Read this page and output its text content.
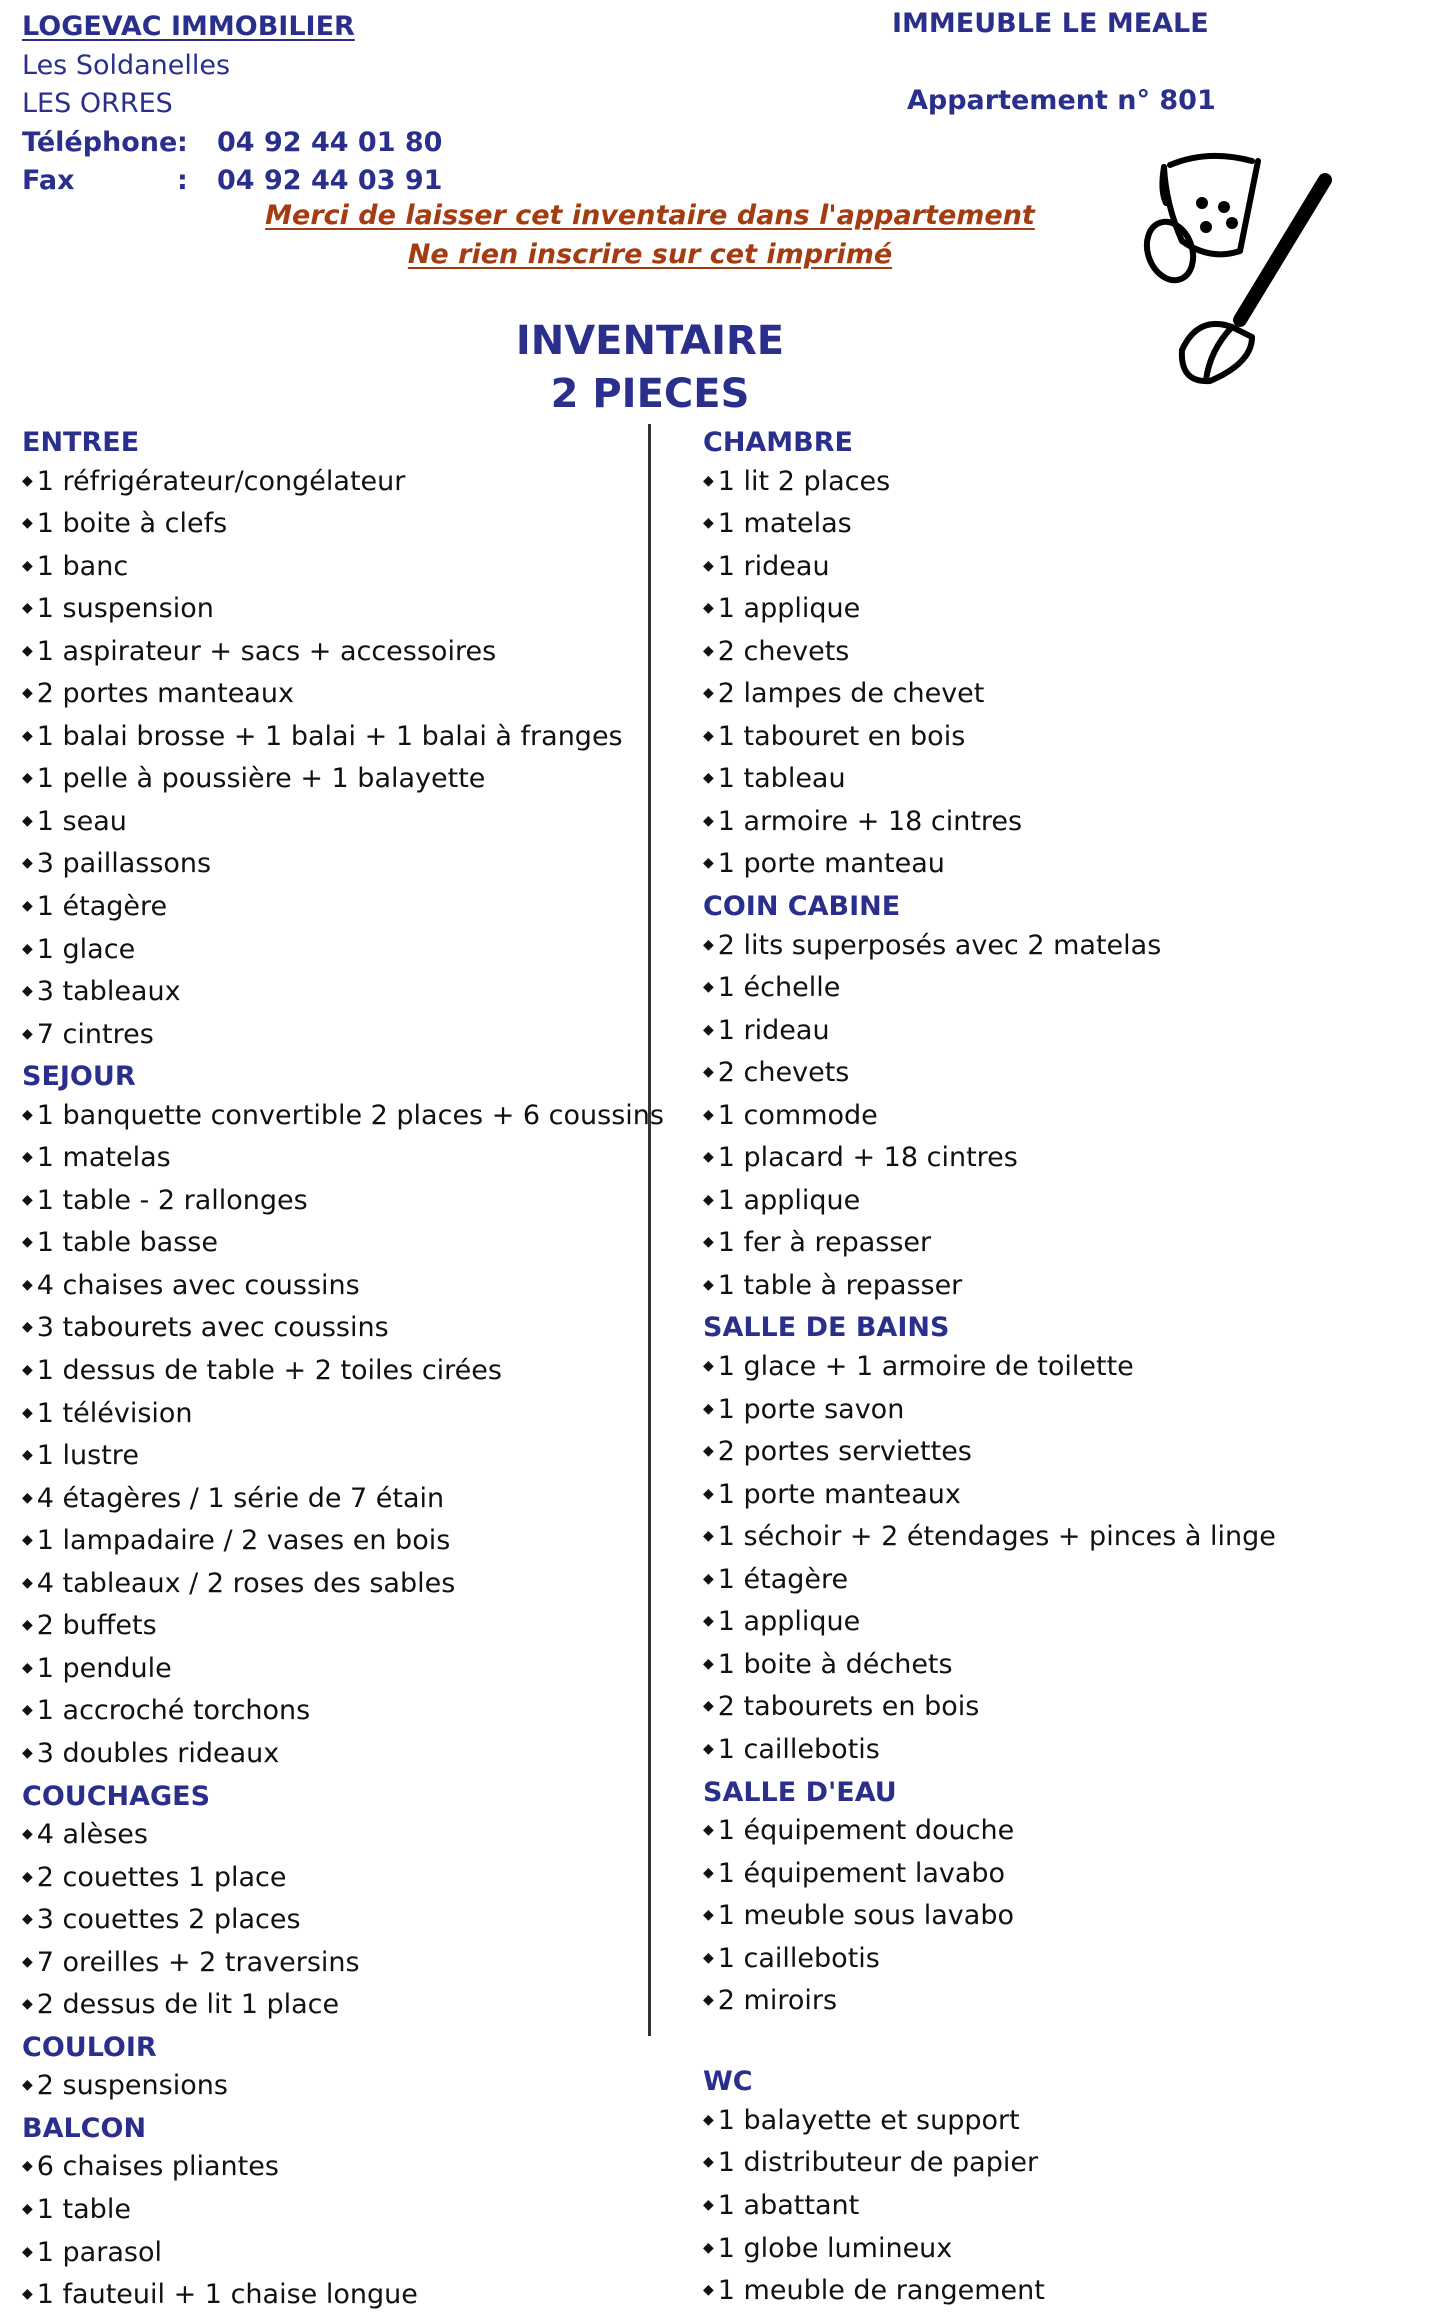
LOGEVAC IMMOBILIER
Les Soldanelles
LES ORRES
Téléphone: 04 92 44 01 80
Fax	: 04 92 44 03 91
IMMEUBLE LE MEALE
Appartement n° 801
Merci de laisser cet inventaire dans l'appartement
Ne rien inscrire sur cet imprimé
INVENTAIRE
2 PIECES
ENTREE
◆ 1 réfrigérateur/congélateur
◆ 1 boite à clefs
◆ 1 banc
◆ 1 suspension
◆ 1 aspirateur + sacs + accessoires
◆ 2 portes manteaux
◆ 1 balai brosse + 1 balai + 1 balai à franges
◆ 1 pelle à poussière + 1 balayette
◆ 1 seau
◆ 3 paillassons
◆ 1 étagère
◆ 1 glace
◆ 3 tableaux
◆ 7 cintres
SEJOUR
◆ 1 banquette convertible 2 places + 6 coussins
◆ 1 matelas
◆ 1 table - 2 rallonges
◆ 1 table basse
◆ 4 chaises avec coussins
◆ 3 tabourets avec coussins
◆ 1 dessus de table + 2 toiles cirées
◆ 1 télévision
◆ 1 lustre
◆ 4 étagères / 1 série de 7 étain
◆ 1 lampadaire / 2 vases en bois
◆ 4 tableaux / 2 roses des sables
◆ 2 buffets
◆ 1 pendule
◆ 1 accroché torchons
◆ 3 doubles rideaux
COUCHAGES
◆ 4 alèses
◆ 2 couettes 1 place
◆ 3 couettes 2 places
◆ 7 oreilles + 2 traversins
◆ 2 dessus de lit 1 place
COULOIR
◆ 2 suspensions
BALCON
◆ 6 chaises pliantes
◆ 1 table
◆ 1 parasol
◆ 1 fauteuil + 1 chaise longue
CHAMBRE
◆ 1 lit 2 places
◆ 1 matelas
◆ 1 rideau
◆ 1 applique
◆ 2 chevets
◆ 2 lampes de chevet
◆ 1 tabouret en bois
◆ 1 tableau
◆ 1 armoire + 18 cintres
◆ 1 porte manteau
COIN CABINE
◆ 2 lits superposés avec 2 matelas
◆ 1 échelle
◆ 1 rideau
◆ 2 chevets
◆ 1 commode
◆ 1 placard + 18 cintres
◆ 1 applique
◆ 1 fer à repasser
◆ 1 table à repasser
SALLE DE BAINS
◆ 1 glace + 1 armoire de toilette
◆ 1 porte savon
◆ 2 portes serviettes
◆ 1 porte manteaux
◆ 1 séchoir + 2 étendages + pinces à linge
◆ 1 étagère
◆ 1 applique
◆ 1 boite à déchets
◆ 2 tabourets en bois
◆ 1 caillebotis
SALLE D'EAU
◆ 1 équipement douche
◆ 1 équipement lavabo
◆ 1 meuble sous lavabo
◆ 1 caillebotis
◆ 2 miroirs
WC
◆ 1 balayette et support
◆ 1 distributeur de papier
◆ 1 abattant
◆ 1 globe lumineux
◆ 1 meuble de rangement
